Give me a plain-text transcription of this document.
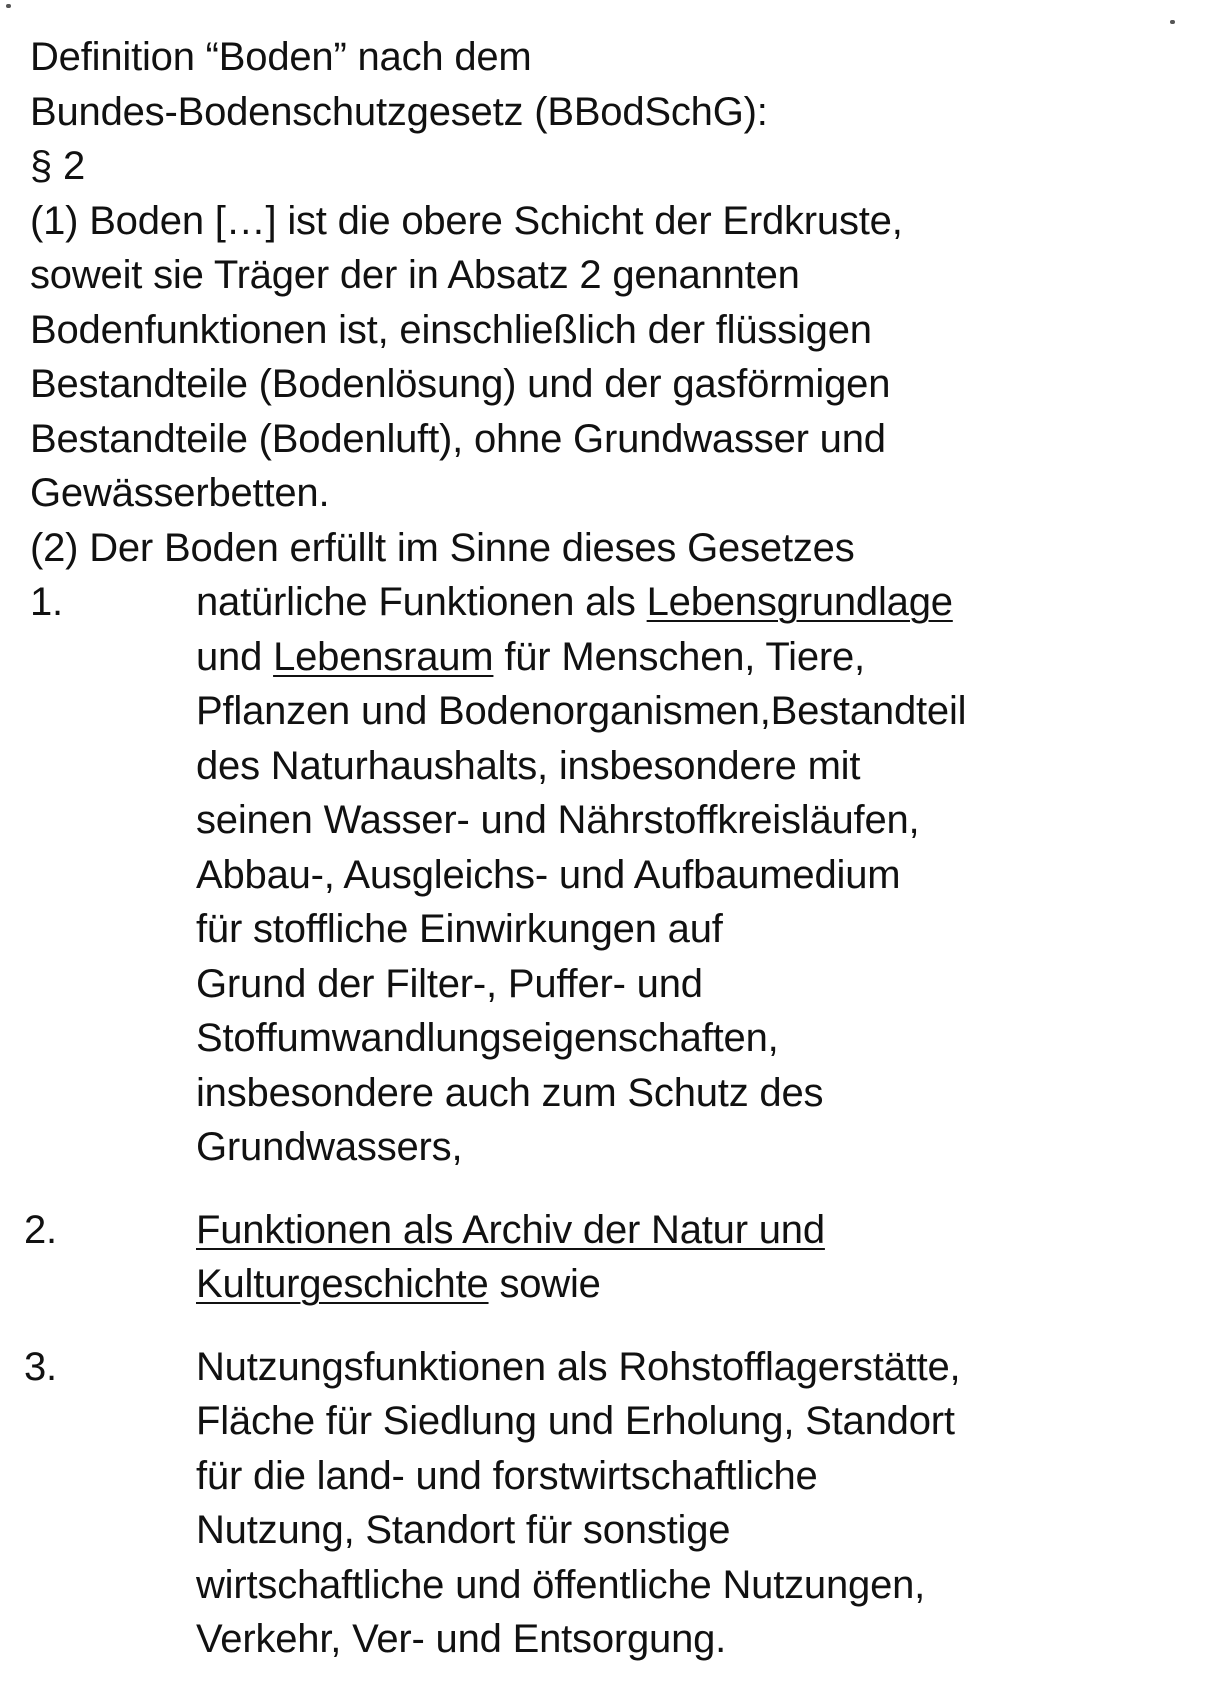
Definition “Boden” nach dem
Bundes-Bodenschutzgesetz (BBodSchG):
§ 2
(1) Boden […] ist die obere Schicht der Erdkruste,
soweit sie Träger der in Absatz 2 genannten
Bodenfunktionen ist, einschließlich der flüssigen
Bestandteile (Bodenlösung) und der gasförmigen
Bestandteile (Bodenluft), ohne Grundwasser und
Gewässerbetten.
(2) Der Boden erfüllt im Sinne dieses Gesetzes
1.	natürliche Funktionen als Lebensgrundlage
und Lebensraum für Menschen, Tiere,
Pflanzen und Bodenorganismen,Bestandteil
des Naturhaushalts, insbesondere mit
seinen Wasser- und Nährstoffkreisläufen,
Abbau-, Ausgleichs- und Aufbaumedium
für stoffliche Einwirkungen auf
Grund der Filter-, Puffer- und
Stoffumwandlungseigenschaften,
insbesondere auch zum Schutz des
Grundwassers,
2.	Funktionen als Archiv der Natur und
Kulturgeschichte sowie
3.	Nutzungsfunktionen als Rohstofflagerstätte,
Fläche für Siedlung und Erholung, Standort
für die land- und forstwirtschaftliche
Nutzung, Standort für sonstige
wirtschaftliche und öffentliche Nutzungen,
Verkehr, Ver- und Entsorgung.
